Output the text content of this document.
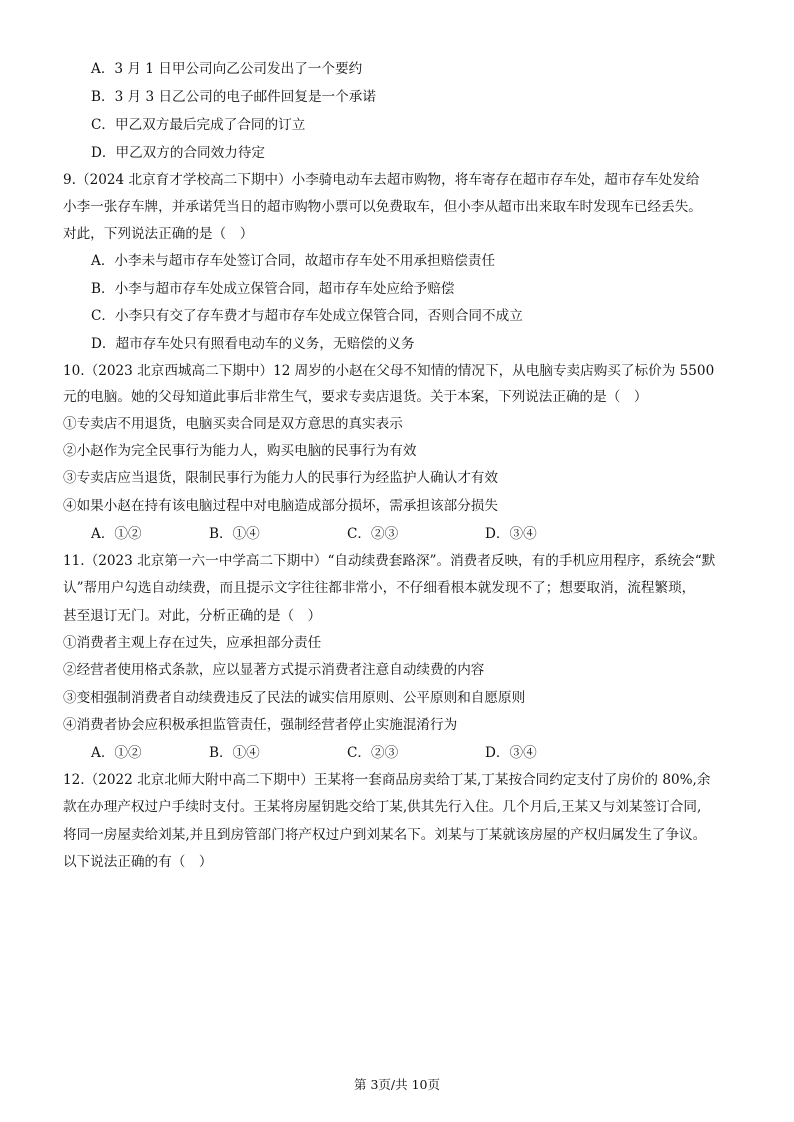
A．3 月 1 日甲公司向乙公司发出了一个要约

B．3 月 3 日乙公司的电子邮件回复是一个承诺

C．甲乙双方最后完成了合同的订立

D．甲乙双方的合同效力待定

9.（2024 北京育才学校高二下期中）小李骑电动车去超市购物，将车寄存在超市存车处，超市存车处发给

小李一张存车牌，并承诺凭当日的超市购物小票可以免费取车，但小李从超市出来取车时发现车已经丢失。

对此，下列说法正确的是（　）

A．小李未与超市存车处签订合同，故超市存车处不用承担赔偿责任

B．小李与超市存车处成立保管合同，超市存车处应给予赔偿

C．小李只有交了存车费才与超市存车处成立保管合同，否则合同不成立

D．超市存车处只有照看电动车的义务，无赔偿的义务

10.（2023 北京西城高二下期中）12 周岁的小赵在父母不知情的情况下，从电脑专卖店购买了标价为 5500

元的电脑。她的父母知道此事后非常生气，要求专卖店退货。关于本案，下列说法正确的是（　）

①专卖店不用退货，电脑买卖合同是双方意思的真实表示

②小赵作为完全民事行为能力人，购买电脑的民事行为有效

③专卖店应当退货，限制民事行为能力人的民事行为经监护人确认才有效

④如果小赵在持有该电脑过程中对电脑造成部分损坏，需承担该部分损失

A．①②	B．①④	C．②③	D．③④

11.（2023 北京第一六一中学高二下期中）“自动续费套路深”。消费者反映，有的手机应用程序，系统会“默

认”帮用户勾选自动续费，而且提示文字往往都非常小，不仔细看根本就发现不了；想要取消，流程繁琐，

甚至退订无门。对此，分析正确的是（　）

①消费者主观上存在过失，应承担部分责任

②经营者使用格式条款，应以显著方式提示消费者注意自动续费的内容

③变相强制消费者自动续费违反了民法的诚实信用原则、公平原则和自愿原则

④消费者协会应积极承担监管责任，强制经营者停止实施混淆行为

A．①②	B．①④	C．②③	D．③④

12.（2022 北京北师大附中高二下期中）王某将一套商品房卖给丁某,丁某按合同约定支付了房价的 80%,余

款在办理产权过户手续时支付。王某将房屋钥匙交给丁某,供其先行入住。几个月后,王某又与刘某签订合同,

将同一房屋卖给刘某,并且到房管部门将产权过户到刘某名下。刘某与丁某就该房屋的产权归属发生了争议。

以下说法正确的有（　）

第 3页/共 10页
